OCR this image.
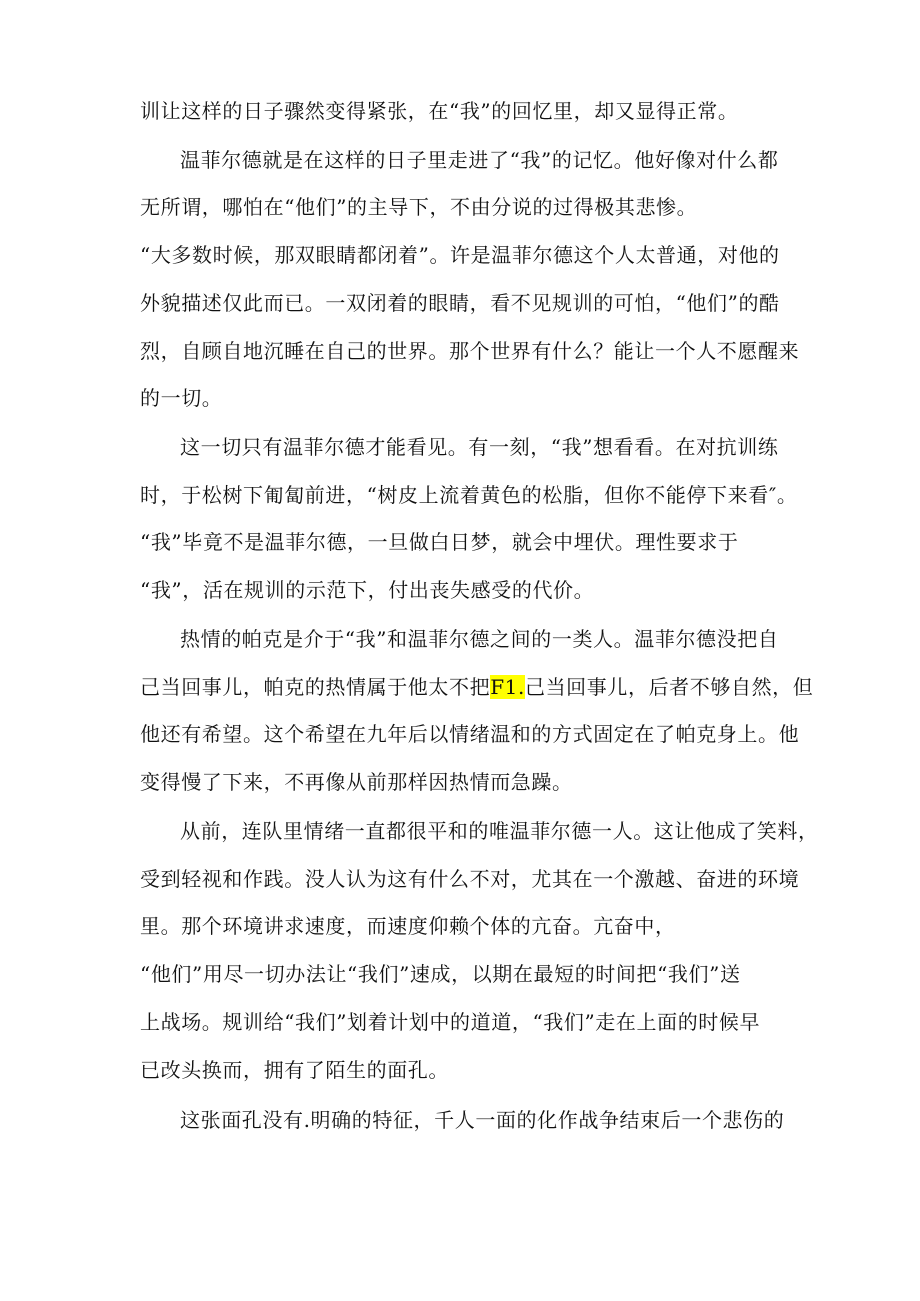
训让这样的日子骤然变得紧张，在“我”的回忆里，却又显得正常。
温菲尔德就是在这样的日子里走进了“我”的记忆。他好像对什么都
无所谓，哪怕在“他们”的主导下，不由分说的过得极其悲惨。
“大多数时候，那双眼睛都闭着”。许是温菲尔德这个人太普通，对他的
外貌描述仅此而已。一双闭着的眼睛，看不见规训的可怕，“他们”的酷
烈，自顾自地沉睡在自己的世界。那个世界有什么？能让一个人不愿醒来
的一切。
这一切只有温菲尔德才能看见。有一刻，“我”想看看。在对抗训练
时，于松树下匍匐前进，“树皮上流着黄色的松脂，但你不能停下来看″。
“我”毕竟不是温菲尔德，一旦做白日梦，就会中埋伏。理性要求于
“我”，活在规训的示范下，付出丧失感受的代价。
热情的帕克是介于“我”和温菲尔德之间的一类人。温菲尔德没把自
己当回事儿，帕克的热情属于他太不把F1.己当回事儿，后者不够自然，但
他还有希望。这个希望在九年后以情绪温和的方式固定在了帕克身上。他
变得慢了下来，不再像从前那样因热情而急躁。
从前，连队里情绪一直都很平和的唯温菲尔德一人。这让他成了笑料，
受到轻视和作践。没人认为这有什么不对，尤其在一个激越、奋进的环境
里。那个环境讲求速度，而速度仰赖个体的亢奋。亢奋中，
“他们”用尽一切办法让“我们”速成，以期在最短的时间把“我们”送
上战场。规训给“我们”划着计划中的道道，“我们”走在上面的时候早
已改头换而，拥有了陌生的面孔。
这张面孔没有.明确的特征，千人一面的化作战争结束后一个悲伤的
